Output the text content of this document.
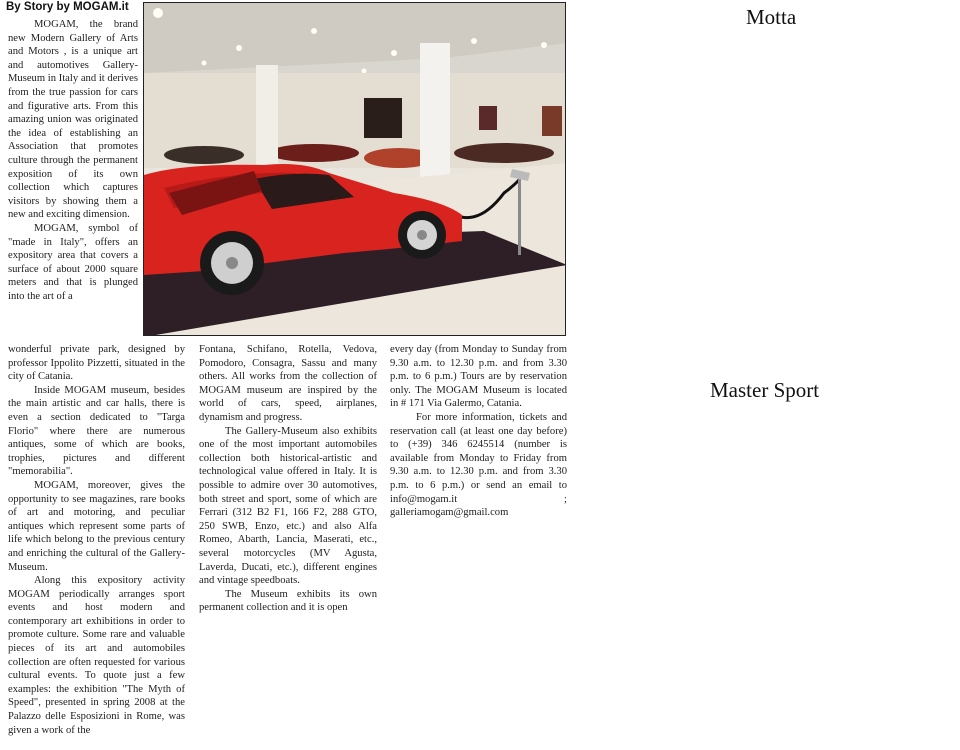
By Story by MOGAM.it

MOGAM, the brand new Modern Gallery of Arts and Motors , is a unique art and automotives Gallery-Museum in Italy and it derives from the true passion for cars and figurative arts. From this amazing union was originated the idea of establishing an Association that promotes culture through the permanent exposition of its own collection which captures visitors by showing them a new and exciting dimension.

MOGAM, symbol of "made in Italy", offers an expository area that covers a surface of about 2000 square meters and that is plunged into the art of a

wonderful private park, designed by professor Ippolito Pizzetti, situated in the city of Catania.

Inside MOGAM museum, besides the main artistic and car halls, there is even a section dedicated to "Targa Florio" where there are numerous antiques, some of which are books, trophies, pictures and different "memorabilia".

MOGAM, moreover, gives the opportunity to see magazines, rare books of art and motoring, and peculiar antiques which represent some parts of life which belong to the previous century and enriching the cultural of the Gallery-Museum.

Along this expository activity MOGAM periodically arranges sport events and host modern and contemporary art exhibitions in order to promote culture. Some rare and valuable pieces of its art and automobiles collection are often requested for various cultural events. To quote just a few examples: the exhibition "The Myth of Speed", presented in spring 2008 at the Palazzo delle Esposizioni in Rome, was given a work of the

Fontana, Schifano, Rotella, Vedova, Pomodoro, Consagra, Sassu and many others. All works from the collection of MOGAM museum are inspired by the world of cars, speed, airplanes, dynamism and progress.

The Gallery-Museum also exhibits one of the most important automobiles collection both historical-artistic and technological value offered in Italy. It is possible to admire over 30 automotives, both street and sport, some of which are Ferrari (312 B2 F1, 166 F2, 288 GTO, 250 SWB, Enzo, etc.) and also Alfa Romeo, Abarth, Lancia, Maserati, etc., several motorcycles (MV Agusta, Laverda, Ducati, etc.), different engines and vintage speedboats.

The Museum exhibits its own permanent collection and it is open

every day (from Monday to Sunday from 9.30 a.m. to 12.30 p.m. and from 3.30 p.m. to 6 p.m.) Tours are by reservation only. The MOGAM Museum is located in # 171 Via Galermo, Catania.

For more information, tickets and reservation call (at least one day before) to (+39) 346 6245514 (number is available from Monday to Friday from 9.30 a.m. to 12.30 p.m. and from 3.30 p.m. to 6 p.m.) or send an email to info@mogam.it ; galleriamogam@gmail.com

Motta
Master Sport
